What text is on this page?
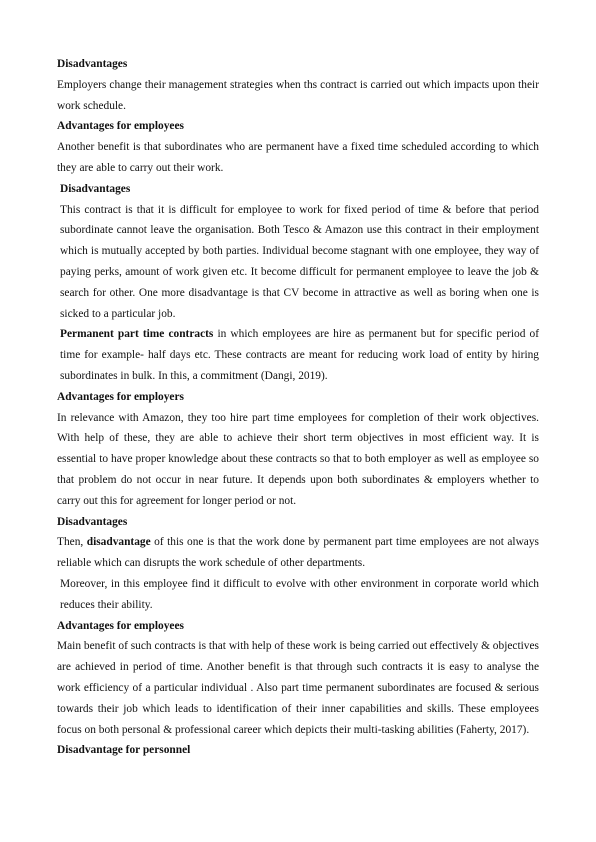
Disadvantages

Employers change their management strategies when ths contract is carried out which impacts upon their work schedule.

Advantages for employees

Another benefit is that subordinates who are permanent have a fixed time scheduled according to which they are able to carry out their work.

Disadvantages

This contract is that it is difficult for employee to work for fixed period of time & before that period subordinate cannot leave the organisation. Both Tesco & Amazon use this contract in their employment which is mutually accepted by both parties. Individual become stagnant with one employee, they way of paying perks, amount of work given etc. It become difficult for permanent employee to leave the job & search for other. One more disadvantage is that CV become in attractive as well as boring when one is sicked to a particular job.

Permanent part time contracts in which employees are hire as permanent but for specific period of time for example- half days etc. These contracts are meant for reducing work load of entity by hiring subordinates in bulk. In this, a commitment (Dangi, 2019).

Advantages for employers

In relevance with Amazon, they too hire part time employees for completion of their work objectives. With help of these, they are able to achieve their short term objectives in most efficient way. It is essential to have proper knowledge about these contracts so that to both employer as well as employee so that problem do not occur in near future. It depends upon both subordinates & employers whether to carry out this for agreement for longer period or not.

Disadvantages

Then, disadvantage of this one is that the work done by permanent part time employees are not always reliable which can disrupts the work schedule of other departments.

Moreover, in this employee find it difficult to evolve with other environment in corporate world which reduces their ability.

Advantages for employees

Main benefit of such contracts is that with help of these work is being carried out effectively & objectives are achieved in period of time. Another benefit is that through such contracts it is easy to analyse the work efficiency of a particular individual . Also part time permanent subordinates are focused & serious towards their job which leads to identification of their inner capabilities and skills. These employees focus on both personal & professional career which depicts their multi-tasking abilities (Faherty, 2017).

Disadvantage for personnel
